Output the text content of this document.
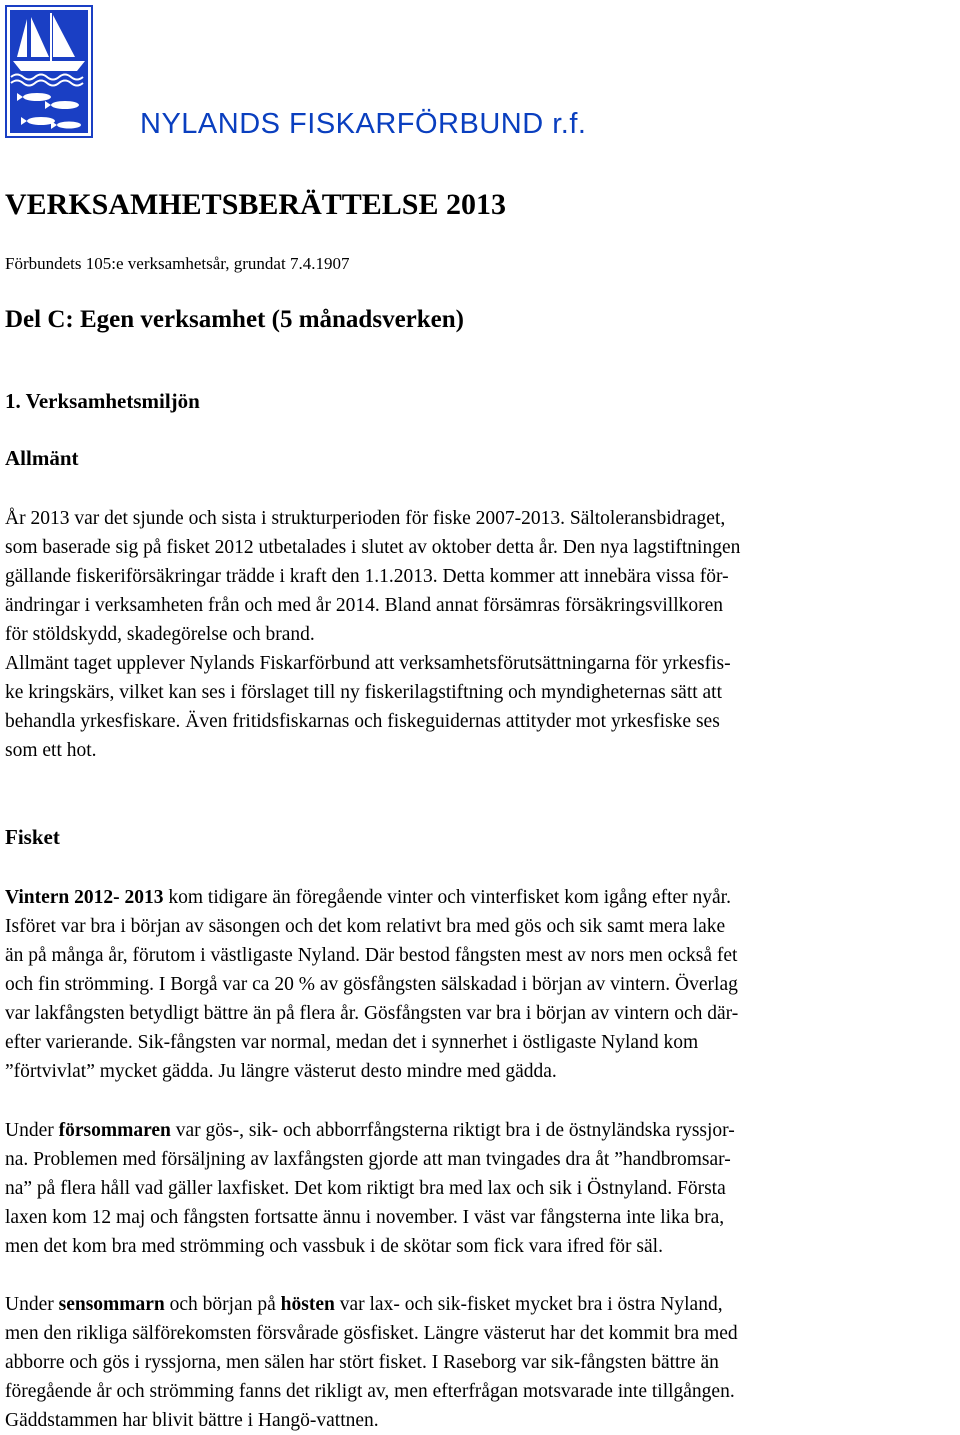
NYLANDS FISKARFÖRBUND r.f.
VERKSAMHETSBERÄTTELSE 2013

Förbundets 105:e verksamhetsår, grundat 7.4.1907

Del C: Egen verksamhet (5 månadsverken)
1. Verksamhetsmiljön
Allmänt
År 2013 var det sjunde och sista i strukturperioden för fiske 2007-2013. Sältoleransbidraget,
som baserade sig på fisket 2012 utbetalades i slutet av oktober detta år. Den nya lagstiftningen
gällande fiskeriförsäkringar trädde i kraft den 1.1.2013. Detta kommer att innebära vissa för-
ändringar i verksamheten från och med år 2014. Bland annat försämras försäkringsvillkoren
för stöldskydd, skadegörelse och brand.
Allmänt taget upplever Nylands Fiskarförbund att verksamhetsförutsättningarna för yrkesfis-
ke kringskärs, vilket kan ses i förslaget till ny fiskerilagstiftning och myndigheternas sätt att
behandla yrkesfiskare. Även fritidsfiskarnas och fiskeguidernas attityder mot yrkesfiske ses
som ett hot.
Fisket
Vintern 2012- 2013 kom tidigare än föregående vinter och vinterfisket kom igång efter nyår.
Isföret var bra i början av säsongen och det kom relativt bra med gös och sik samt mera lake
än på många år, förutom i västligaste Nyland. Där bestod fångsten mest av nors men också fet
och fin strömming. I Borgå var ca 20 % av gösfångsten sälskadad i början av vintern. Överlag
var lakfångsten betydligt bättre än på flera år. Gösfångsten var bra i början av vintern och där-
efter varierande. Sik-fångsten var normal, medan det i synnerhet i östligaste Nyland kom
”förtvivlat” mycket gädda. Ju längre västerut desto mindre med gädda.
Under försommaren var gös-, sik- och abborrfångsterna riktigt bra i de östnyländska ryssjor-
na. Problemen med försäljning av laxfångsten gjorde att man tvingades dra åt ”handbromsar-
na” på flera håll vad gäller laxfisket. Det kom riktigt bra med lax och sik i Östnyland. Första
laxen kom 12 maj och fångsten fortsatte ännu i november. I väst var fångsterna inte lika bra,
men det kom bra med strömming och vassbuk i de skötar som fick vara ifred för säl.
Under sensommarn och början på hösten var lax- och sik-fisket mycket bra i östra Nyland,
men den rikliga sälförekomsten försvårade gösfisket. Längre västerut har det kommit bra med
abborre och gös i ryssjorna, men sälen har stört fisket. I Raseborg var sik-fångsten bättre än
föregående år och strömming fanns det rikligt av, men efterfrågan motsvarade inte tillgången.
Gäddstammen har blivit bättre i Hangö-vattnen.
